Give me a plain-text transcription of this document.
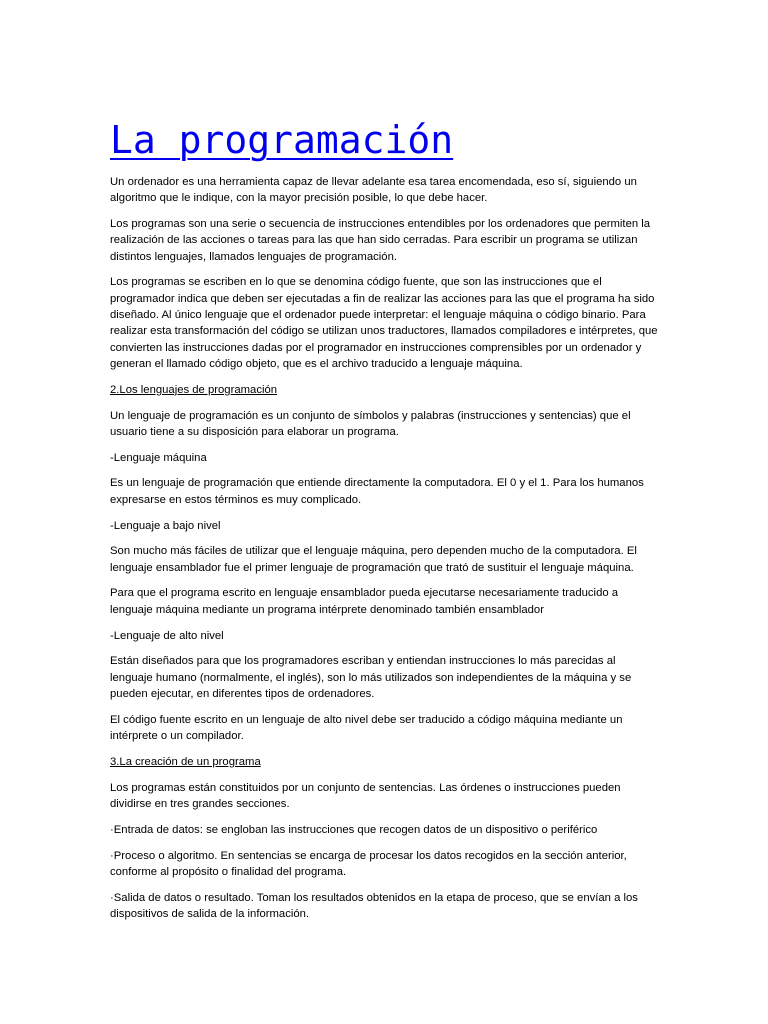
La programación

Un ordenador es una herramienta capaz de llevar adelante esa tarea encomendada, eso sí, siguiendo un algoritmo que le indique, con la mayor precisión posible, lo que debe hacer.

Los programas son una serie o secuencia de instrucciones entendibles por los ordenadores que permiten la realización de las acciones o tareas para las que han sido cerradas. Para escribir un programa se utilizan distintos lenguajes, llamados lenguajes de programación.

Los programas se escriben en lo que se denomina código fuente, que son las instrucciones que el programador indica que deben ser ejecutadas a fin de realizar las acciones para las que el programa ha sido diseñado. Al único lenguaje que el ordenador puede interpretar: el lenguaje máquina o código binario. Para realizar esta transformación del código se utilizan unos traductores, llamados compiladores e intérpretes, que convierten las instrucciones dadas por el programador en instrucciones comprensibles por un ordenador y generan el llamado código objeto, que es el archivo traducido a lenguaje máquina.

2.Los lenguajes de programación

Un lenguaje de programación es un conjunto de símbolos y palabras (instrucciones y sentencias) que el usuario tiene a su disposición para elaborar un programa.

-Lenguaje máquina

Es un lenguaje de programación que entiende directamente la computadora. El 0 y el 1. Para los humanos expresarse en estos términos es muy complicado.

-Lenguaje a bajo nivel

Son mucho más fáciles de utilizar que el lenguaje máquina, pero dependen mucho de la computadora. El lenguaje ensamblador fue el primer lenguaje de programación que trató de sustituir el lenguaje máquina.

Para que el programa escrito en lenguaje ensamblador pueda ejecutarse necesariamente traducido a lenguaje máquina mediante un programa intérprete denominado también ensamblador

-Lenguaje de alto nivel

Están diseñados para que los programadores escriban y entiendan instrucciones lo más parecidas al lenguaje humano (normalmente, el inglés), son lo más utilizados son independientes de la máquina y se pueden ejecutar, en diferentes tipos de ordenadores.

El código fuente escrito en un lenguaje de alto nivel debe ser traducido a código máquina mediante un intérprete o un compilador.

3.La creación de un programa

Los programas están constituidos por un conjunto de sentencias. Las órdenes o instrucciones pueden dividirse en tres grandes secciones.

·Entrada de datos: se engloban las instrucciones que recogen datos de un dispositivo o periférico

·Proceso o algoritmo. En sentencias se encarga de procesar los datos recogidos en la sección anterior, conforme al propósito o finalidad del programa.

·Salida de datos o resultado. Toman los resultados obtenidos en la etapa de proceso, que se envían a los dispositivos de salida de la información.
